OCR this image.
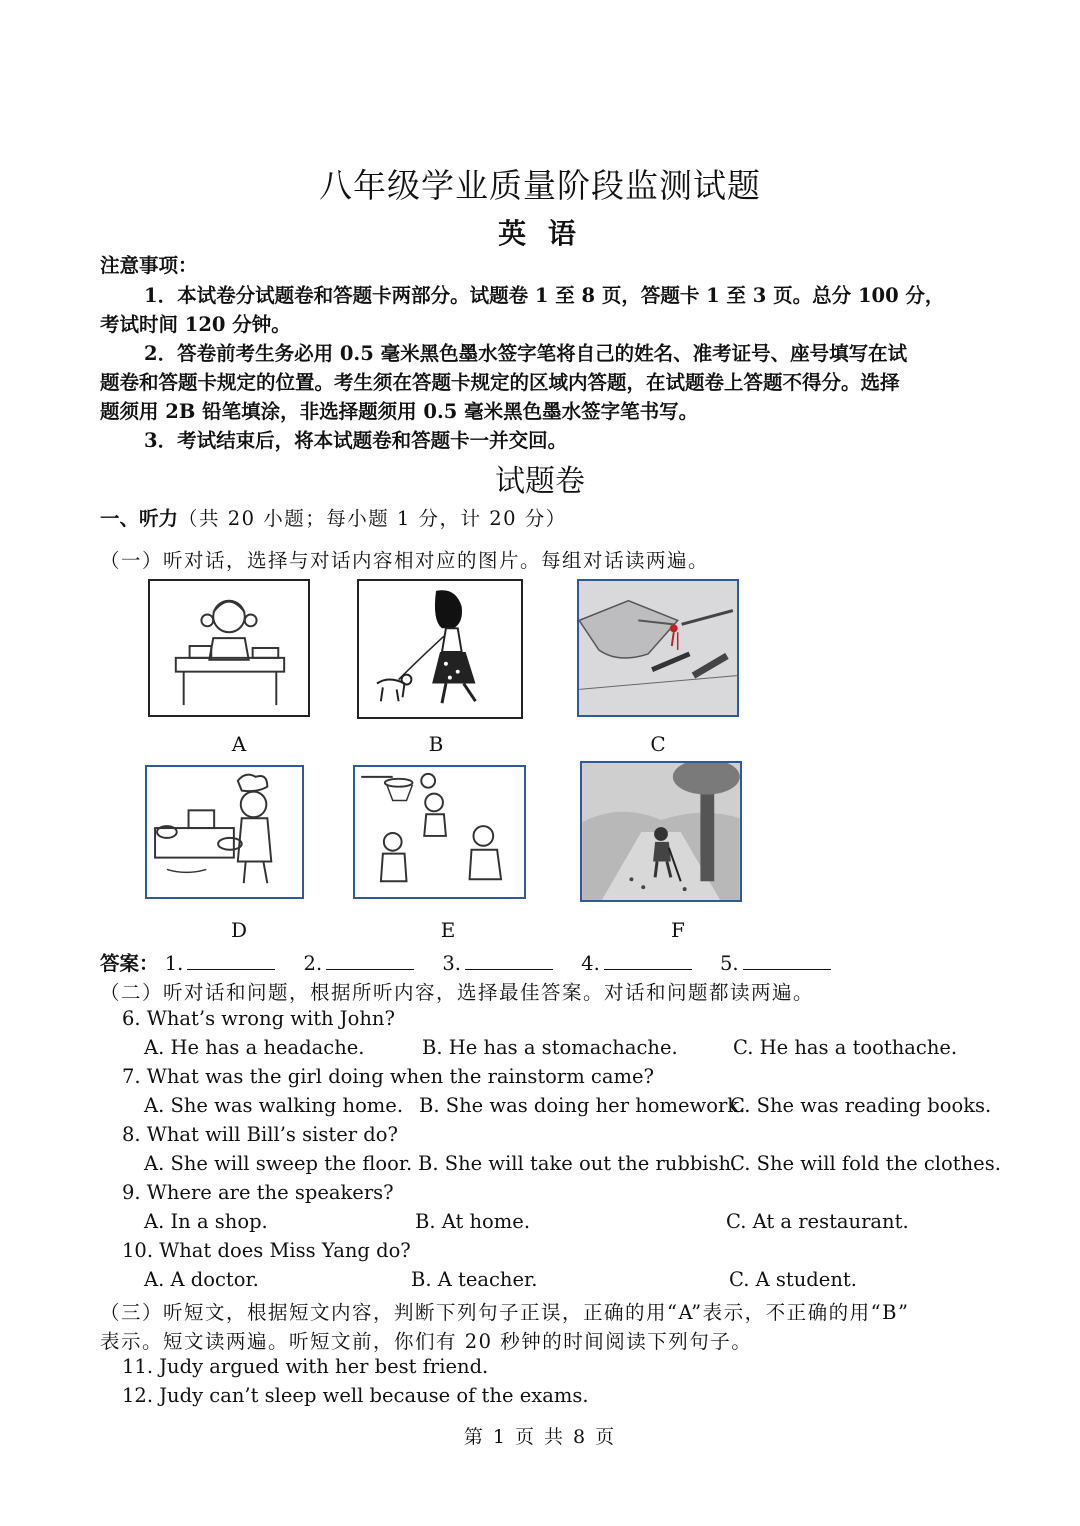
八年级学业质量阶段监测试题
英 语
注意事项：
1．本试卷分试题卷和答题卡两部分。试题卷 1 至 8 页，答题卡 1 至 3 页。总分 100 分，
考试时间 120 分钟。
2．答卷前考生务必用 0.5 毫米黑色墨水签字笔将自己的姓名、准考证号、座号填写在试
题卷和答题卡规定的位置。考生须在答题卡规定的区域内答题，在试题卷上答题不得分。选择
题须用 2B 铅笔填涂，非选择题须用 0.5 毫米黑色墨水签字笔书写。
3．考试结束后，将本试题卷和答题卡一并交回。
试题卷
一、听力（共 20 小题；每小题 1 分，计 20 分）
（一）听对话，选择与对话内容相对应的图片。每组对话读两遍。
A	B	C
D	E	F
答案： 1.	2.	3.	4.	5.
（二）听对话和问题，根据所听内容，选择最佳答案。对话和问题都读两遍。
6. What’s wrong with John?
A. He has a headache.	B. He has a stomachache.	C. He has a toothache.
7. What was the girl doing when the rainstorm came?
A. She was walking home. B. She was doing her homework.
C. She was reading books.
8. What will Bill’s sister do?
A. She will sweep the floor. B. She will take out the rubbish.
C. She will fold the clothes.
9. Where are the speakers?
A. In a shop.	B. At home.	C. At a restaurant.
10. What does Miss Yang do?
A. A doctor.	B. A teacher.	C. A student.
（三）听短文，根据短文内容，判断下列句子正误，正确的用“A”表示，不正确的用“B”
表示。短文读两遍。听短文前，你们有 20 秒钟的时间阅读下列句子。
11. Judy argued with her best friend.
12. Judy can’t sleep well because of the exams.
第 1 页 共 8 页
